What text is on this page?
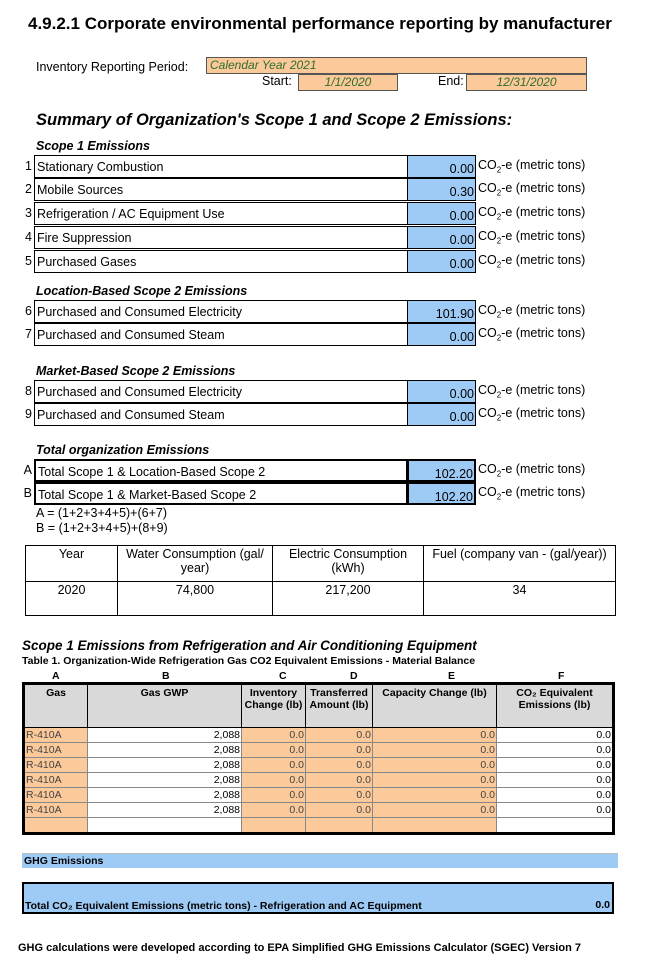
4.9.2.1 Corporate environmental performance reporting by manufacturer
Inventory Reporting Period:	Calendar Year 2021
Start:	1/1/2020	End:	12/31/2020
Summary of Organization's Scope 1 and Scope 2 Emissions:
Scope 1 Emissions
1 Stationary Combustion	0.00 $CO_2-e$ (metric tons)
2 Mobile Sources	0.30 $CO_2-e$ (metric tons)
3 Refrigeration / AC Equipment Use	0.00 $CO_2-e$ (metric tons)
4 Fire Suppression	0.00 $CO_2-e$ (metric tons)
5 Purchased Gases	0.00 $CO_2-e$ (metric tons)
Location-Based Scope 2 Emissions
6 Purchased and Consumed Electricity	101.90 $CO_2-e$ (metric tons)
7 Purchased and Consumed Steam	0.00 $CO_2-e$ (metric tons)
Market-Based Scope 2 Emissions
8 Purchased and Consumed Electricity	0.00 $CO_2-e$ (metric tons)
9 Purchased and Consumed Steam	0.00 $CO_2-e$ (metric tons)
Total organization Emissions
A Total Scope 1 & Location-Based Scope 2	102.20 $CO_2-e$ (metric tons)
B Total Scope 1 & Market-Based Scope 2	102.20 $CO_2-e$ (metric tons)
A = (1+2+3+4+5)+(6+7)
B = (1+2+3+4+5)+(8+9)
Year	Water Consumption (gal/ year)	Electric Consumption (kWh)	Fuel (company van - (gal/year))
2020	74,800	217,200	34
Scope 1 Emissions from Refrigeration and Air Conditioning Equipment
Table 1. Organization-Wide Refrigeration Gas CO2 Equivalent Emissions - Material Balance
A	B	C	D	E	F
Gas	Gas GWP	Inventory Change (lb)	Transferred Amount (lb)	Capacity Change (lb)	CO₂ Equivalent Emissions (lb)
R-410A	2,088	0.0	0.0	0.0	0.0
R-410A	2,088	0.0	0.0	0.0	0.0
R-410A	2,088	0.0	0.0	0.0	0.0
R-410A	2,088	0.0	0.0	0.0	0.0
R-410A	2,088	0.0	0.0	0.0	0.0
R-410A	2,088	0.0	0.0	0.0	0.0

GHG Emissions
Total CO₂ Equivalent Emissions (metric tons) - Refrigeration and AC Equipment	0.0
GHG calculations were developed according to EPA Simplified GHG Emissions Calculator (SGEC) Version 7
